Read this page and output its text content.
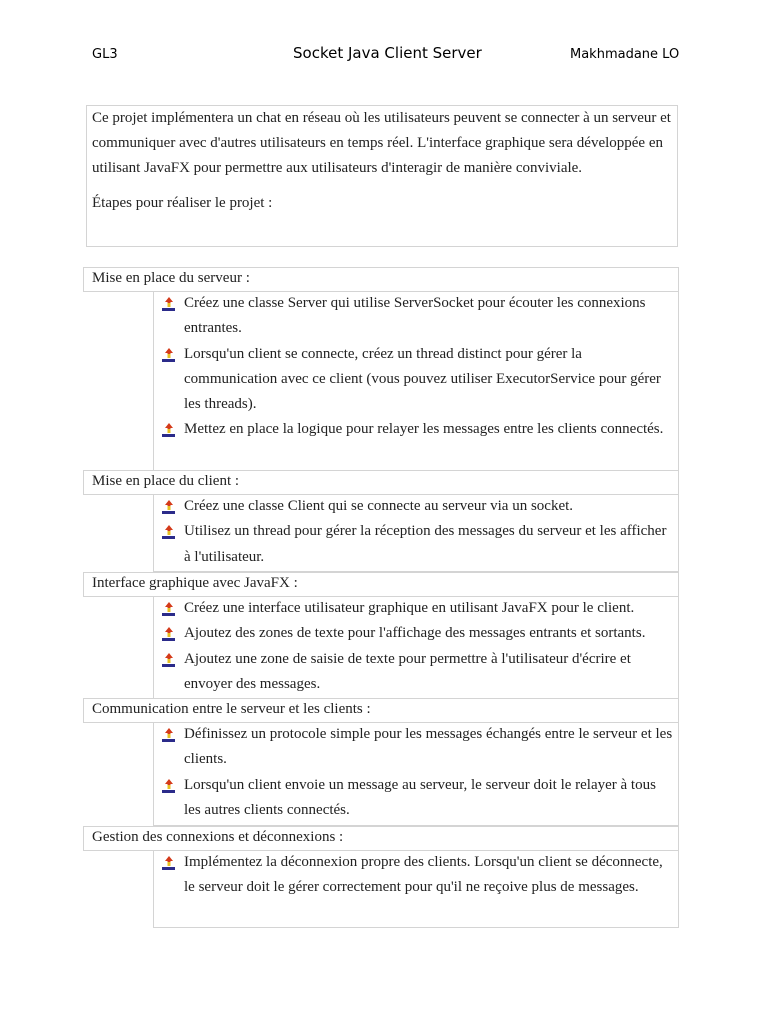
GL3	Socket Java Client Server	Makhmadane LO

Ce projet implémentera un chat en réseau où les utilisateurs peuvent se connecter à un serveur et communiquer avec d'autres utilisateurs en temps réel. L'interface graphique sera développée en utilisant JavaFX pour permettre aux utilisateurs d'interagir de manière conviviale.

Étapes pour réaliser le projet :

Mise en place du serveur :
Créez une classe Server qui utilise ServerSocket pour écouter les connexions entrantes.
Lorsqu'un client se connecte, créez un thread distinct pour gérer la communication avec ce client (vous pouvez utiliser ExecutorService pour gérer les threads).
Mettez en place la logique pour relayer les messages entre les clients connectés.
Mise en place du client :
Créez une classe Client qui se connecte au serveur via un socket.
Utilisez un thread pour gérer la réception des messages du serveur et les afficher à l'utilisateur.
Interface graphique avec JavaFX :
Créez une interface utilisateur graphique en utilisant JavaFX pour le client.
Ajoutez des zones de texte pour l'affichage des messages entrants et sortants.
Ajoutez une zone de saisie de texte pour permettre à l'utilisateur d'écrire et envoyer des messages.
Communication entre le serveur et les clients :
Définissez un protocole simple pour les messages échangés entre le serveur et les clients.
Lorsqu'un client envoie un message au serveur, le serveur doit le relayer à tous les autres clients connectés.
Gestion des connexions et déconnexions :
Implémentez la déconnexion propre des clients. Lorsqu'un client se déconnecte, le serveur doit le gérer correctement pour qu'il ne reçoive plus de messages.
